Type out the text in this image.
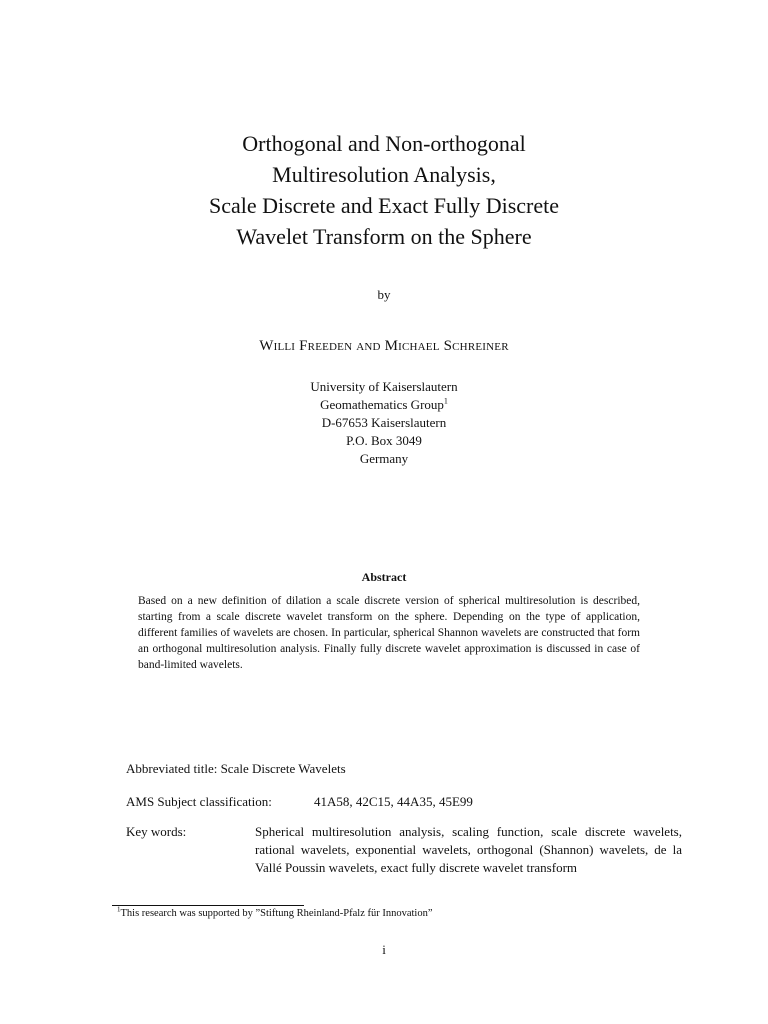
Orthogonal and Non-orthogonal
Multiresolution Analysis,
Scale Discrete and Exact Fully Discrete
Wavelet Transform on the Sphere
by
Willi Freeden and Michael Schreiner
University of Kaiserslautern
Geomathematics Group$^1$
D-67653 Kaiserslautern
P.O. Box 3049
Germany
Abstract
Based on a new definition of dilation a scale discrete version of spherical multiresolution is described, starting from a scale discrete wavelet transform on the sphere. Depending on the type of application, different families of wavelets are chosen. In particular, spherical Shannon wavelets are constructed that form an orthogonal multiresolution analysis. Finally fully discrete wavelet approximation is discussed in case of band-limited wavelets.
Abbreviated title: Scale Discrete Wavelets
AMS Subject classification:	41A58, 42C15, 44A35, 45E99
Key words:	Spherical multiresolution analysis, scaling function, scale discrete wavelets, rational wavelets, exponential wavelets, orthogonal (Shannon) wavelets, de la Vallé Poussin wavelets, exact fully discrete wavelet transform
$^1$This research was supported by ”Stiftung Rheinland-Pfalz für Innovation”
i
